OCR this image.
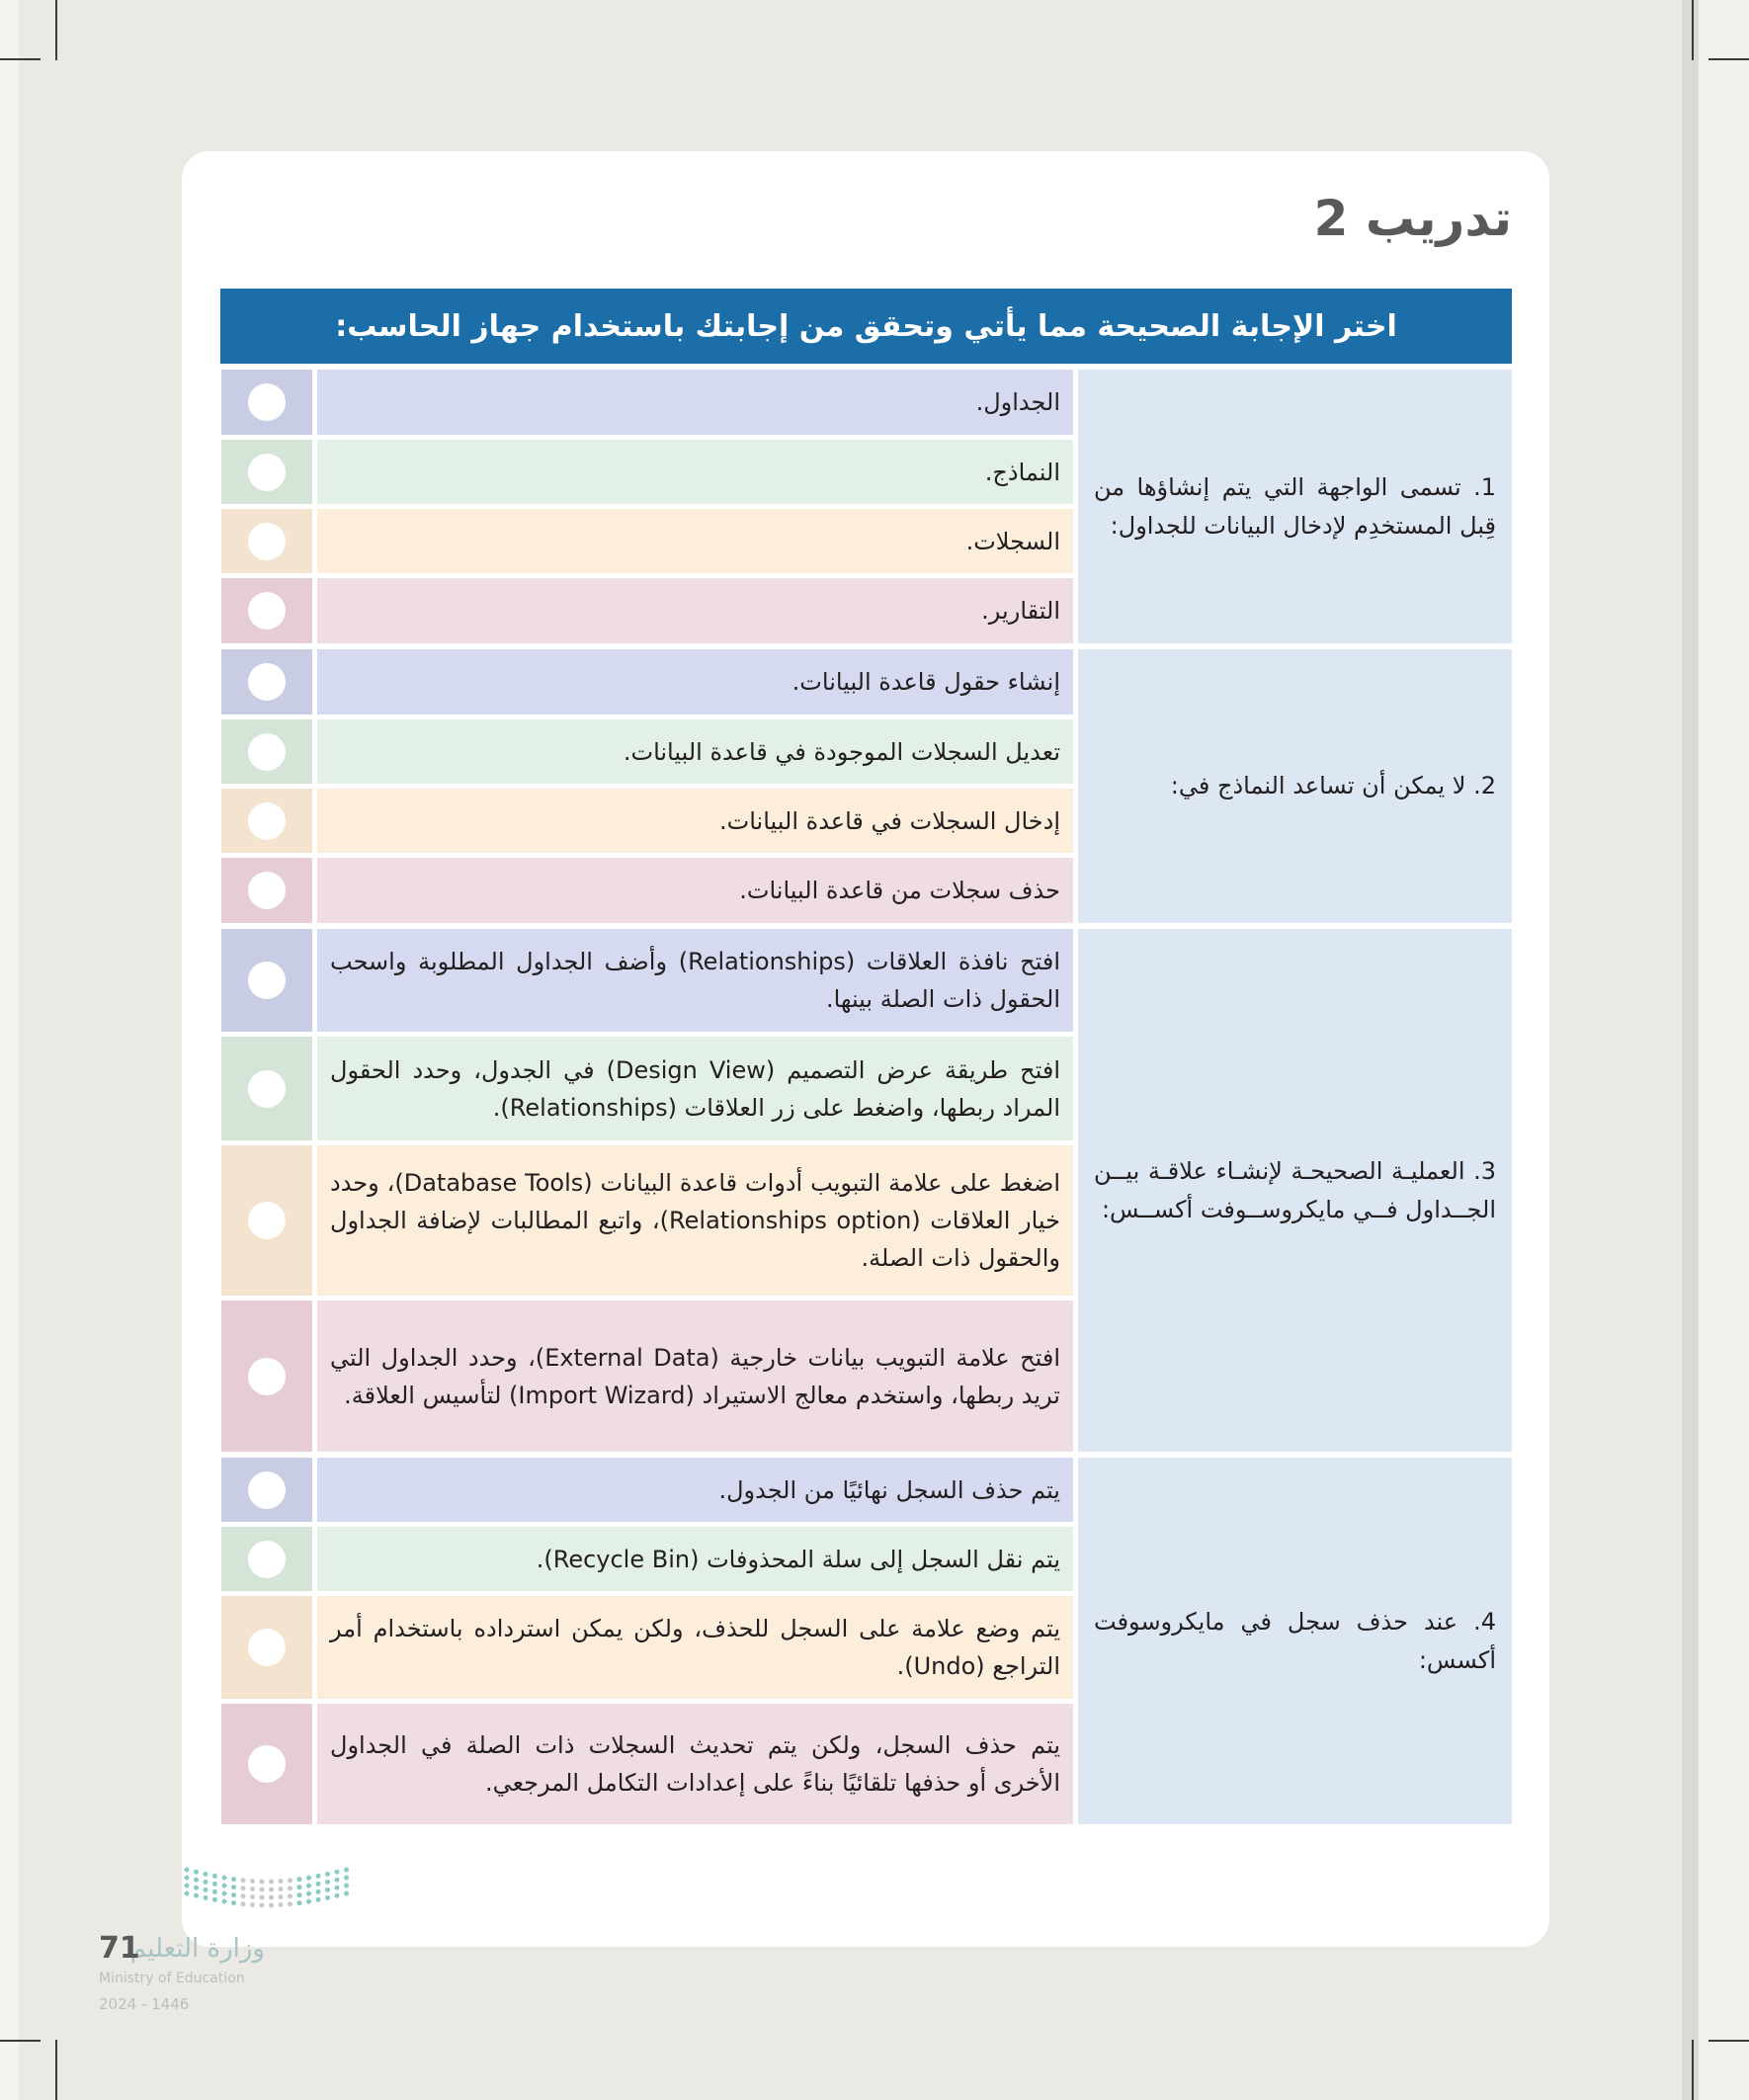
تدريب 2
اختر الإجابة الصحيحة مما يأتي وتحقق من إجابتك باستخدام جهاز الحاسب:
1. تسمى الواجهة التي يتم إنشاؤها من قِبل المستخدِم لإدخال البيانات للجداول:
الجداول.
النماذج.
السجلات.
التقارير.
2. لا يمكن أن تساعد النماذج في:
إنشاء حقول قاعدة البيانات.
تعديل السجلات الموجودة في قاعدة البيانات.
إدخال السجلات في قاعدة البيانات.
حذف سجلات من قاعدة البيانات.
3. العمليـة الصحيحـة لإنشـاء علاقـة بيــن الجــداول فــي مايكروســوفت أكســس:
افتح نافذة العلاقات (Relationships) وأضف الجداول المطلوبة واسحب الحقول ذات الصلة بينها.
افتح طريقة عرض التصميم (Design View) في الجدول، وحدد الحقول المراد ربطها، واضغط على زر العلاقات (Relationships).
اضغط على علامة التبويب أدوات قاعدة البيانات (Database Tools)، وحدد خيار العلاقات (Relationships option)، واتبع المطالبات لإضافة الجداول والحقول ذات الصلة.
افتح علامة التبويب بيانات خارجية (External Data)، وحدد الجداول التي تريد ربطها، واستخدم معالج الاستيراد (Import Wizard) لتأسيس العلاقة.
4. عند حذف سجل في مايكروسوفت أكسس:
يتم حذف السجل نهائيًا من الجدول.
يتم نقل السجل إلى سلة المحذوفات (Recycle Bin).
يتم وضع علامة على السجل للحذف، ولكن يمكن استرداده باستخدام أمر التراجع (Undo).
يتم حذف السجل، ولكن يتم تحديث السجلات ذات الصلة في الجداول الأخرى أو حذفها تلقائيًا بناءً على إعدادات التكامل المرجعي.
وزارة التعليم
71
Ministry of Education
2024 - 1446
